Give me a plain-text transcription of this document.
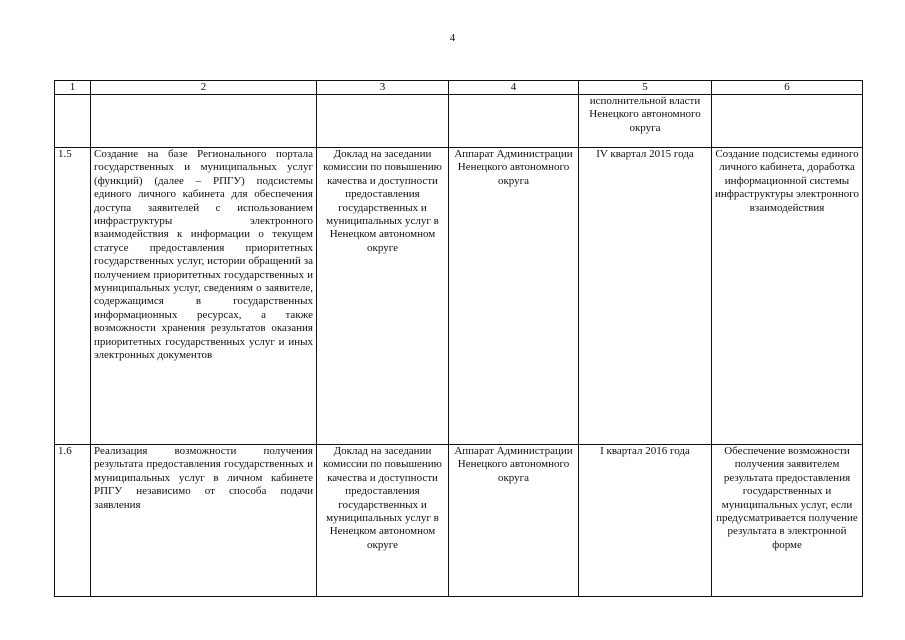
4
1	2	3	4	5	6
				исполнительной власти Ненецкого автономного округа	
1.5	Создание на базе Регионального портала государственных и муниципальных услуг (функций) (далее – РПГУ) подсистемы единого личного кабинета для обеспечения доступа заявителей с использованием инфраструктуры электронного взаимодействия к информации о текущем статусе предоставления приоритетных государственных услуг, истории обращений за получением приоритетных государственных и муниципальных услуг, сведениям о заявителе, содержащимся в государственных информационных ресурсах, а также возможности хранения результатов оказания приоритетных государственных услуг и иных электронных документов	Доклад на заседании комиссии по повышению качества и доступности предоставления государственных и муниципальных услуг в Ненецком автономном округе	Аппарат Администрации Ненецкого автономного округа	IV квартал 2015 года	Создание подсистемы единого личного кабинета, доработка информационной системы инфраструктуры электронного взаимодействия
1.6	Реализация возможности получения результата предоставления государственных и муниципальных услуг в личном кабинете РПГУ независимо от способа подачи заявления	Доклад на заседании комиссии по повышению качества и доступности предоставления государственных и муниципальных услуг в Ненецком автономном округе	Аппарат Администрации Ненецкого автономного округа	I квартал 2016 года	Обеспечение возможности получения заявителем результата предоставления государственных и муниципальных услуг, если предусматривается получение результата в электронной форме
